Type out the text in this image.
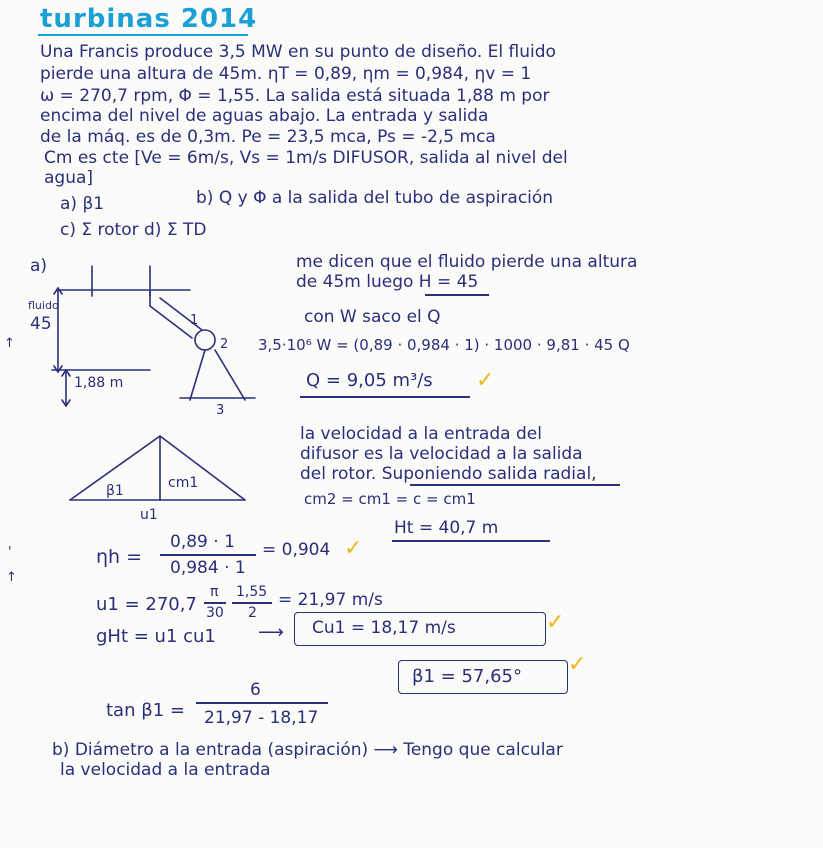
turbinas 2014
Una Francis produce 3,5 MW en su punto de diseño. El fluido
pierde una altura de 45m. ηT = 0,89, ηm = 0,984, ηv = 1
ω = 270,7 rpm, Φ = 1,55. La salida está situada 1,88 m por
encima del nivel de aguas abajo. La entrada y salida
de la máq. es de 0,3m. Pe = 23,5 mca, Ps = -2,5 mca
Cm es cte [Ve = 6m/s, Vs = 1m/s DIFUSOR, salida al nivel del
agua]
a) β1	b) Q y Φ a la salida del tubo de aspiración
c) Σ rotor d) Σ TD
a)
fluido
45
1,88 m
1
2
3
β1	cm1
u1
me dicen que el fluido pierde una altura
de 45m luego H = 45
con W saco el Q
3,5·10⁶ W = (0,89 · 0,984 · 1) · 1000 · 9,81 · 45 Q
Q = 9,05 m³/s ✓
la velocidad a la entrada del
difusor es la velocidad a la salida
del rotor. Suponiendo salida radial,
cm2 = cm1 = c = cm1
ηh =
0,89 · 1
0,984 · 1
= 0,904 ✓
Ht = 40,7 m
u1 = 270,7
π
30
1,55
2
= 21,97 m/s
gHt = u1 cu1 ⟶ Cu1 = 18,17 m/s	✓
tan β1 =
6
21,97 - 18,17
β1 = 57,65° ✓
b) Diámetro a la entrada (aspiración) ⟶ Tengo que calcular
la velocidad a la entrada
↑
↑
'
